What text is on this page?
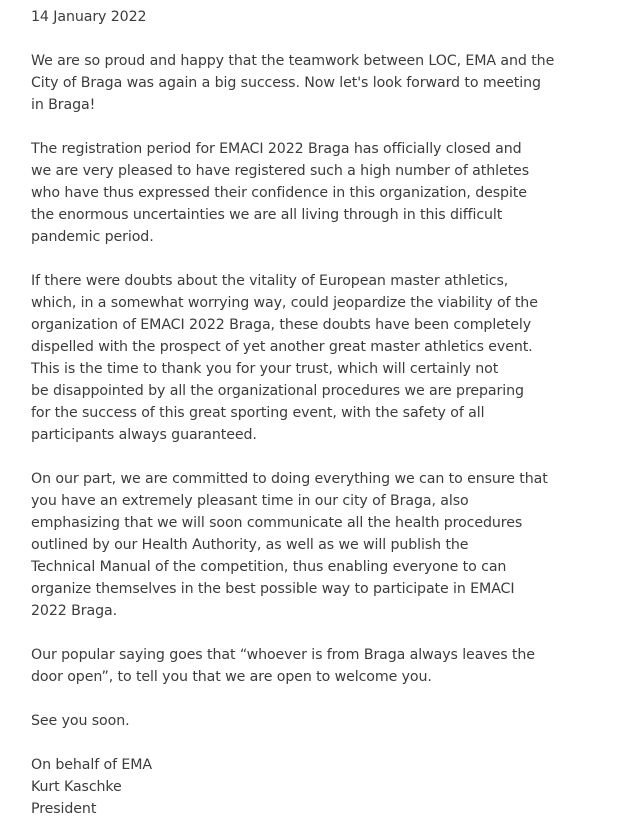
14 January 2022

We are so proud and happy that the teamwork between LOC, EMA and the
City of Braga was again a big success. Now let's look forward to meeting
in Braga!

The registration period for EMACI 2022 Braga has officially closed and
we are very pleased to have registered such a high number of athletes
who have thus expressed their confidence in this organization, despite
the enormous uncertainties we are all living through in this difficult
pandemic period.

If there were doubts about the vitality of European master athletics,
which, in a somewhat worrying way, could jeopardize the viability of the
organization of EMACI 2022 Braga, these doubts have been completely
dispelled with the prospect of yet another great master athletics event.
This is the time to thank you for your trust, which will certainly not
be disappointed by all the organizational procedures we are preparing
for the success of this great sporting event, with the safety of all
participants always guaranteed.

On our part, we are committed to doing everything we can to ensure that
you have an extremely pleasant time in our city of Braga, also
emphasizing that we will soon communicate all the health procedures
outlined by our Health Authority, as well as we will publish the
Technical Manual of the competition, thus enabling everyone to can
organize themselves in the best possible way to participate in EMACI
2022 Braga.

Our popular saying goes that “whoever is from Braga always leaves the
door open”, to tell you that we are open to welcome you.

See you soon.

On behalf of EMA
Kurt Kaschke
President
